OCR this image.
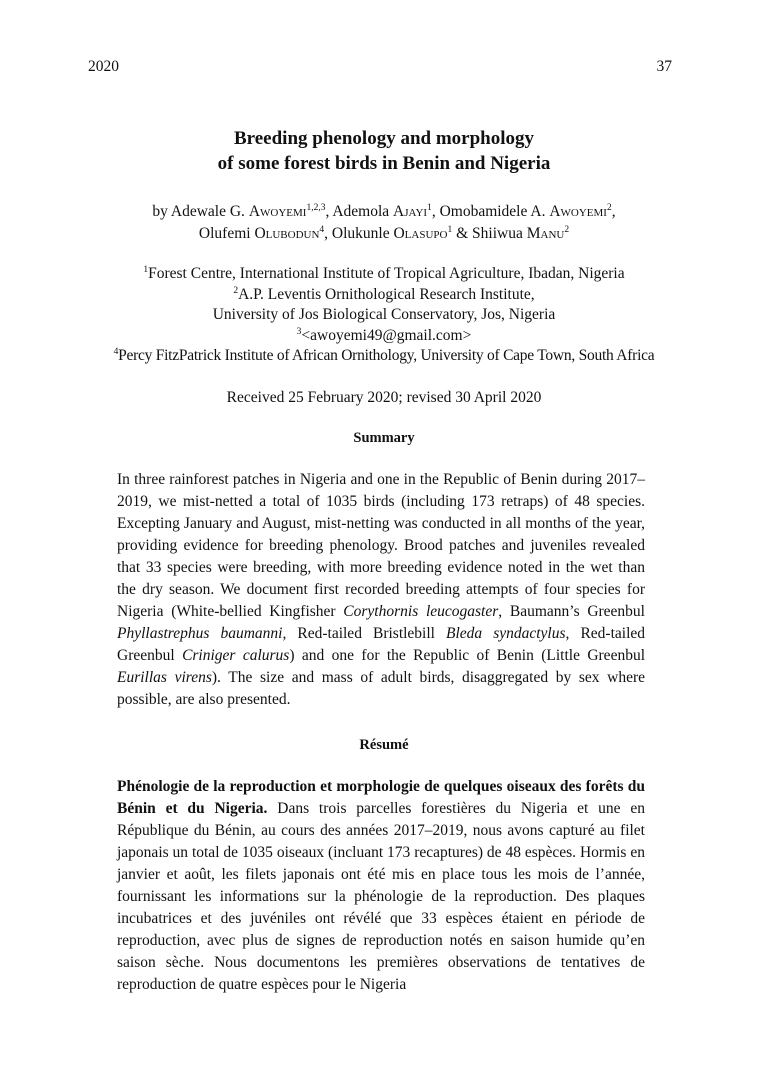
2020	37
Breeding phenology and morphology
of some forest birds in Benin and Nigeria
by Adewale G. Awoyemi$^{1,2,3}$, Ademola Ajayi$^1$, Omobamidele A. Awoyemi$^2$,
Olufemi Olubodun$^4$, Olukunle Olasupo$^1$ & Shiiwua Manu$^2$
$^1$Forest Centre, International Institute of Tropical Agriculture, Ibadan, Nigeria
$^2$A.P. Leventis Ornithological Research Institute,
University of Jos Biological Conservatory, Jos, Nigeria
$^3$<awoyemi49@gmail.com>
$^4$Percy FitzPatrick Institute of African Ornithology, University of Cape Town, South Africa
Received 25 February 2020; revised 30 April 2020
Summary
In three rainforest patches in Nigeria and one in the Republic of Benin during 2017–2019, we mist-netted a total of 1035 birds (including 173 retraps) of 48 species. Excepting January and August, mist-netting was conducted in all months of the year, providing evidence for breeding phenology. Brood patches and juveniles revealed that 33 species were breeding, with more breeding evidence noted in the wet than the dry season. We document first recorded breeding attempts of four species for Nigeria (White-bellied Kingfisher Corythornis leucogaster, Baumann’s Greenbul Phyllastrephus baumanni, Red-tailed Bristlebill Bleda syndactylus, Red-tailed Greenbul Criniger calurus) and one for the Republic of Benin (Little Greenbul Eurillas virens). The size and mass of adult birds, disaggregated by sex where possible, are also presented.
Résumé
Phénologie de la reproduction et morphologie de quelques oiseaux des forêts du Bénin et du Nigeria. Dans trois parcelles forestières du Nigeria et une en République du Bénin, au cours des années 2017–2019, nous avons capturé au filet japonais un total de 1035 oiseaux (incluant 173 recaptures) de 48 espèces. Hormis en janvier et août, les filets japonais ont été mis en place tous les mois de l’année, fournissant les informations sur la phénologie de la reproduction. Des plaques incubatrices et des juvéniles ont révélé que 33 espèces étaient en période de reproduction, avec plus de signes de reproduction notés en saison humide qu’en saison sèche. Nous documentons les premières observations de tentatives de reproduction de quatre espèces pour le Nigeria
